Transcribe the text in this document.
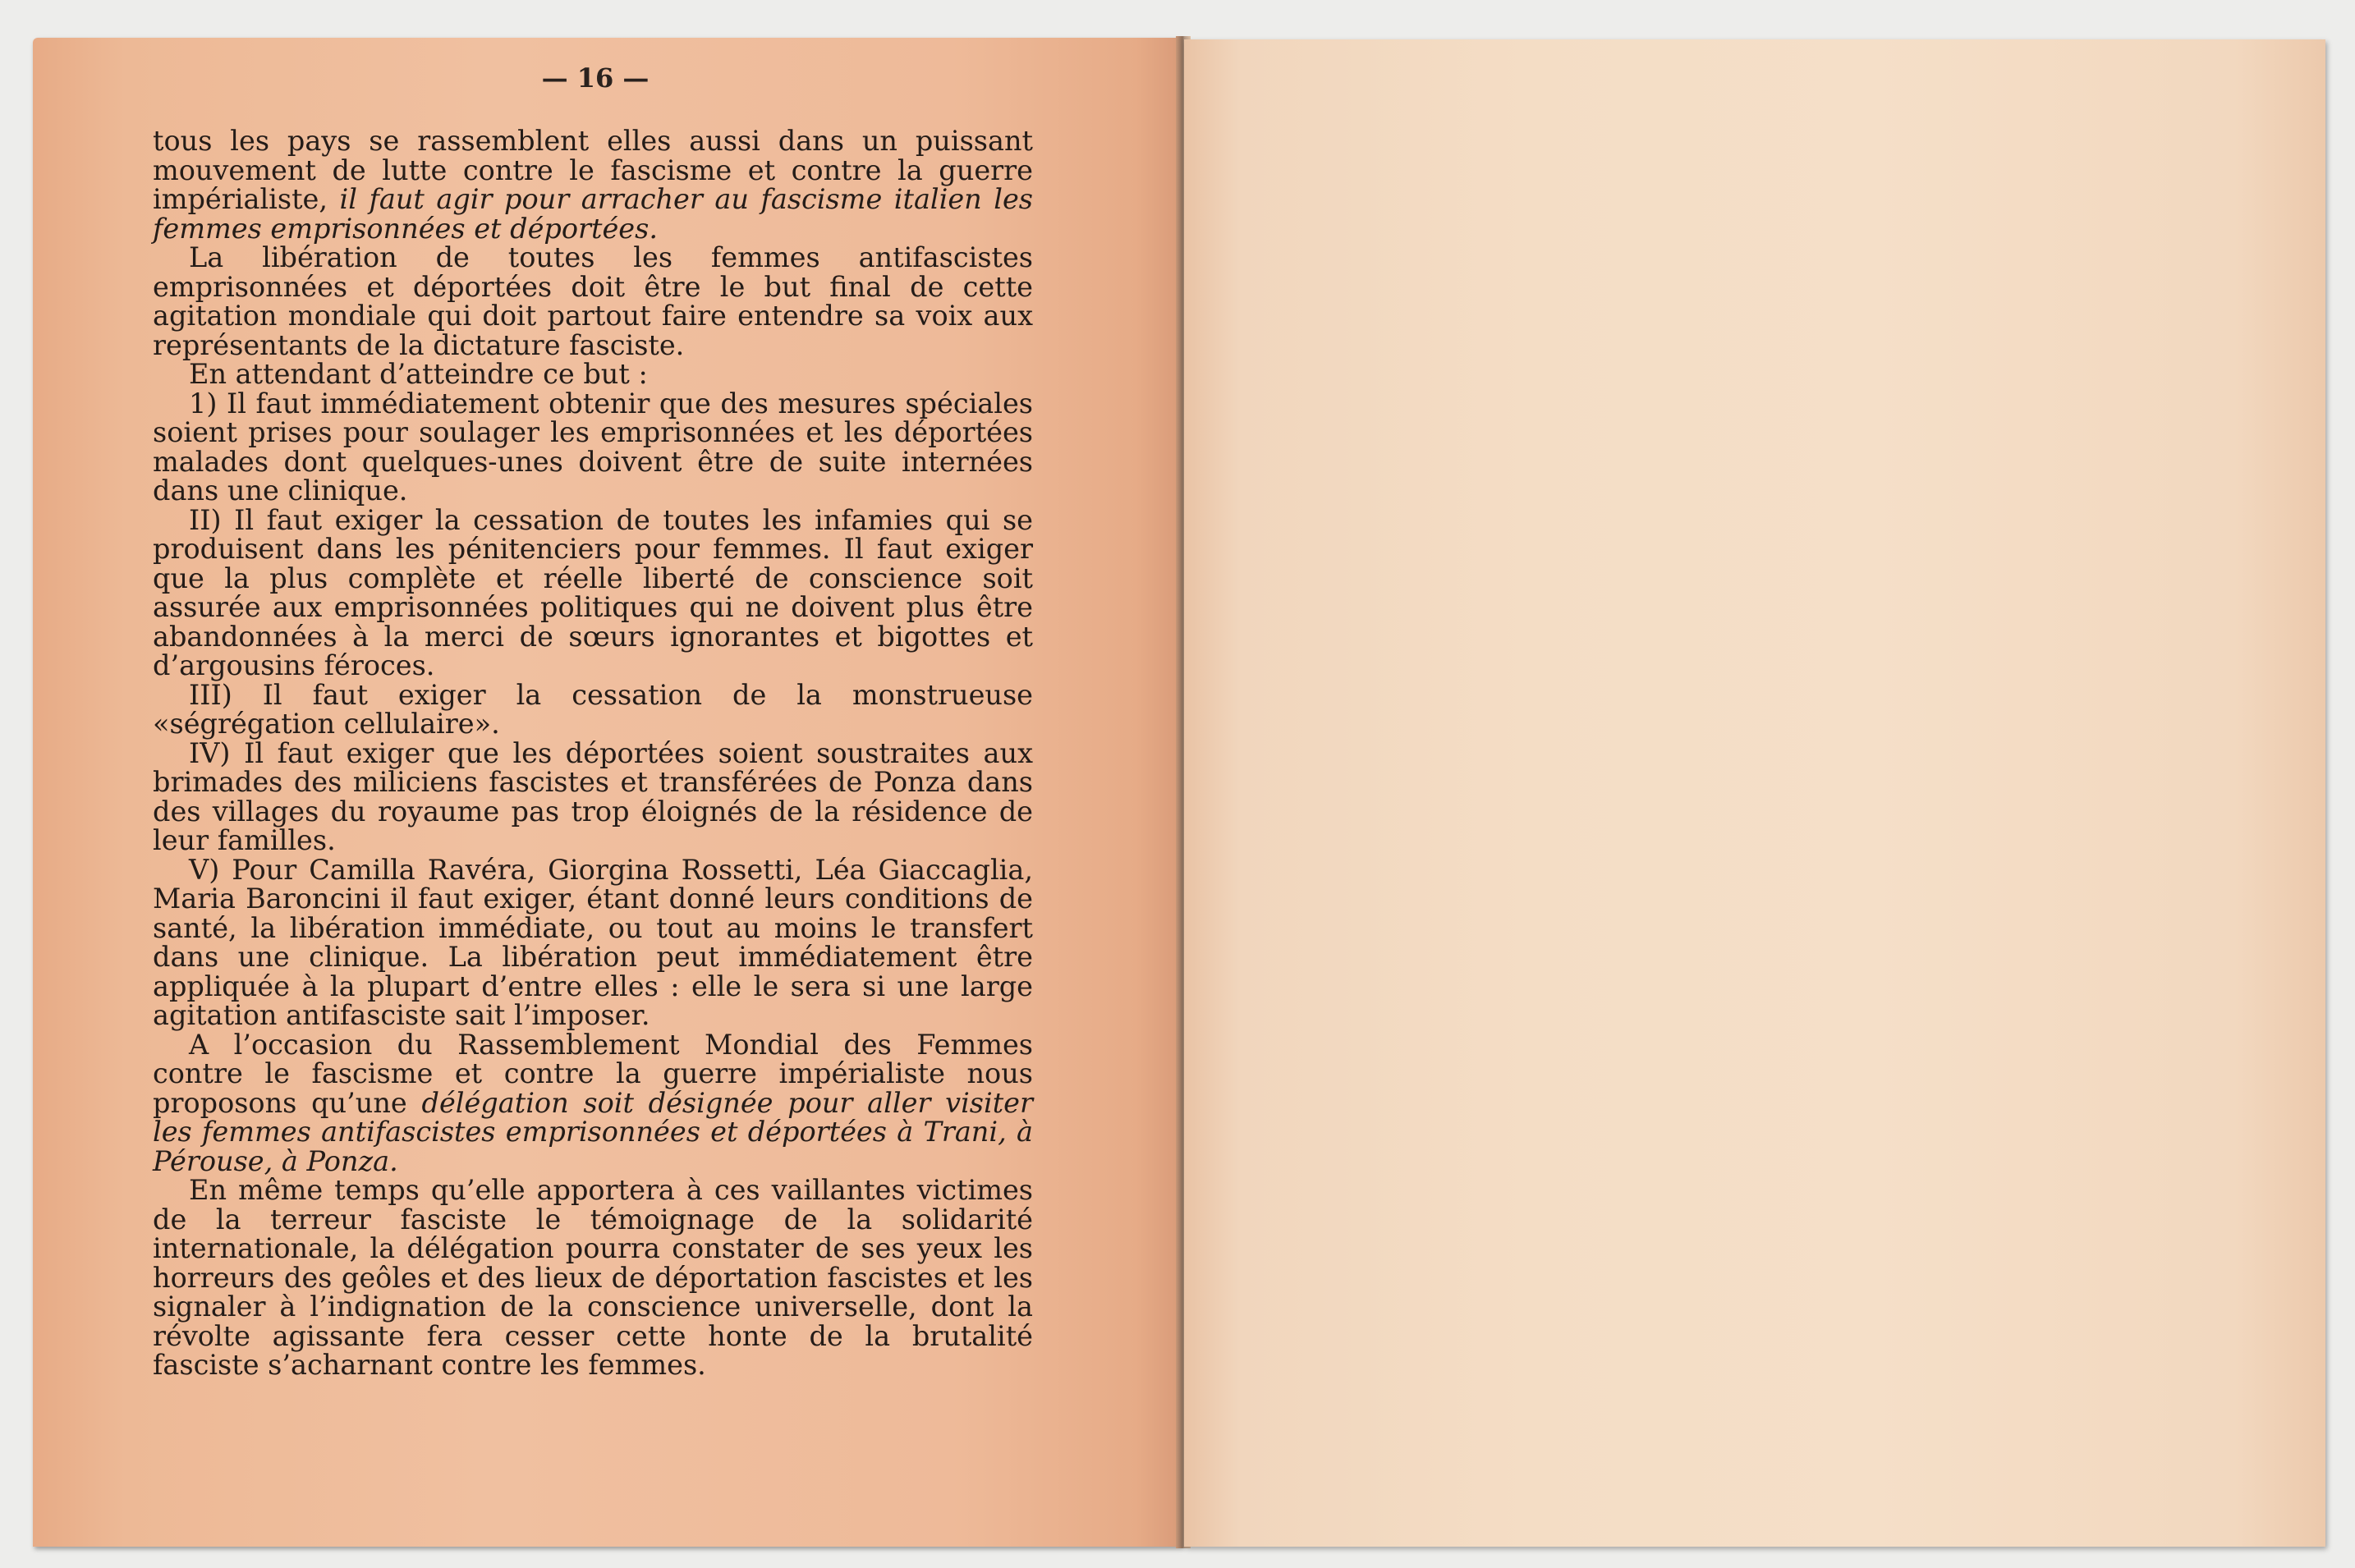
— 16 —

tous les pays se rassemblent elles aussi dans un puissant mouvement de lutte contre le fascisme et contre la guerre impérialiste, il faut agir pour arracher au fascisme italien les femmes emprisonnées et déportées.

La libération de toutes les femmes antifascistes emprisonnées et déportées doit être le but final de cette agitation mondiale qui doit partout faire entendre sa voix aux représentants de la dictature fasciste.

En attendant d’atteindre ce but :

1) Il faut immédiatement obtenir que des mesures spéciales soient prises pour soulager les emprisonnées et les déportées malades dont quelques-unes doivent être de suite internées dans une clinique.

II) Il faut exiger la cessation de toutes les infamies qui se produisent dans les pénitenciers pour femmes. Il faut exiger que la plus complète et réelle liberté de conscience soit assurée aux emprisonnées politiques qui ne doivent plus être abandonnées à la merci de sœurs ignorantes et bigottes et d’argousins féroces.

III) Il faut exiger la cessation de la monstrueuse «ségrégation cellulaire».

IV) Il faut exiger que les déportées soient soustraites aux brimades des miliciens fascistes et transférées de Ponza dans des villages du royaume pas trop éloignés de la résidence de leur familles.

V) Pour Camilla Ravéra, Giorgina Rossetti, Léa Giaccaglia, Maria Baroncini il faut exiger, étant donné leurs conditions de santé, la libération immédiate, ou tout au moins le transfert dans une clinique. La libération peut immédiatement être appliquée à la plupart d’entre elles : elle le sera si une large agitation antifasciste sait l’imposer.

A l’occasion du Rassemblement Mondial des Femmes contre le fascisme et contre la guerre impérialiste nous proposons qu’une délégation soit désignée pour aller visiter les femmes antifascistes emprisonnées et déportées à Trani, à Pérouse, à Ponza.

En même temps qu’elle apportera à ces vaillantes victimes de la terreur fasciste le témoignage de la solidarité internationale, la délégation pourra constater de ses yeux les horreurs des geôles et des lieux de déportation fascistes et les signaler à l’indignation de la conscience universelle, dont la révolte agissante fera cesser cette honte de la brutalité fasciste s’acharnant contre les femmes.
